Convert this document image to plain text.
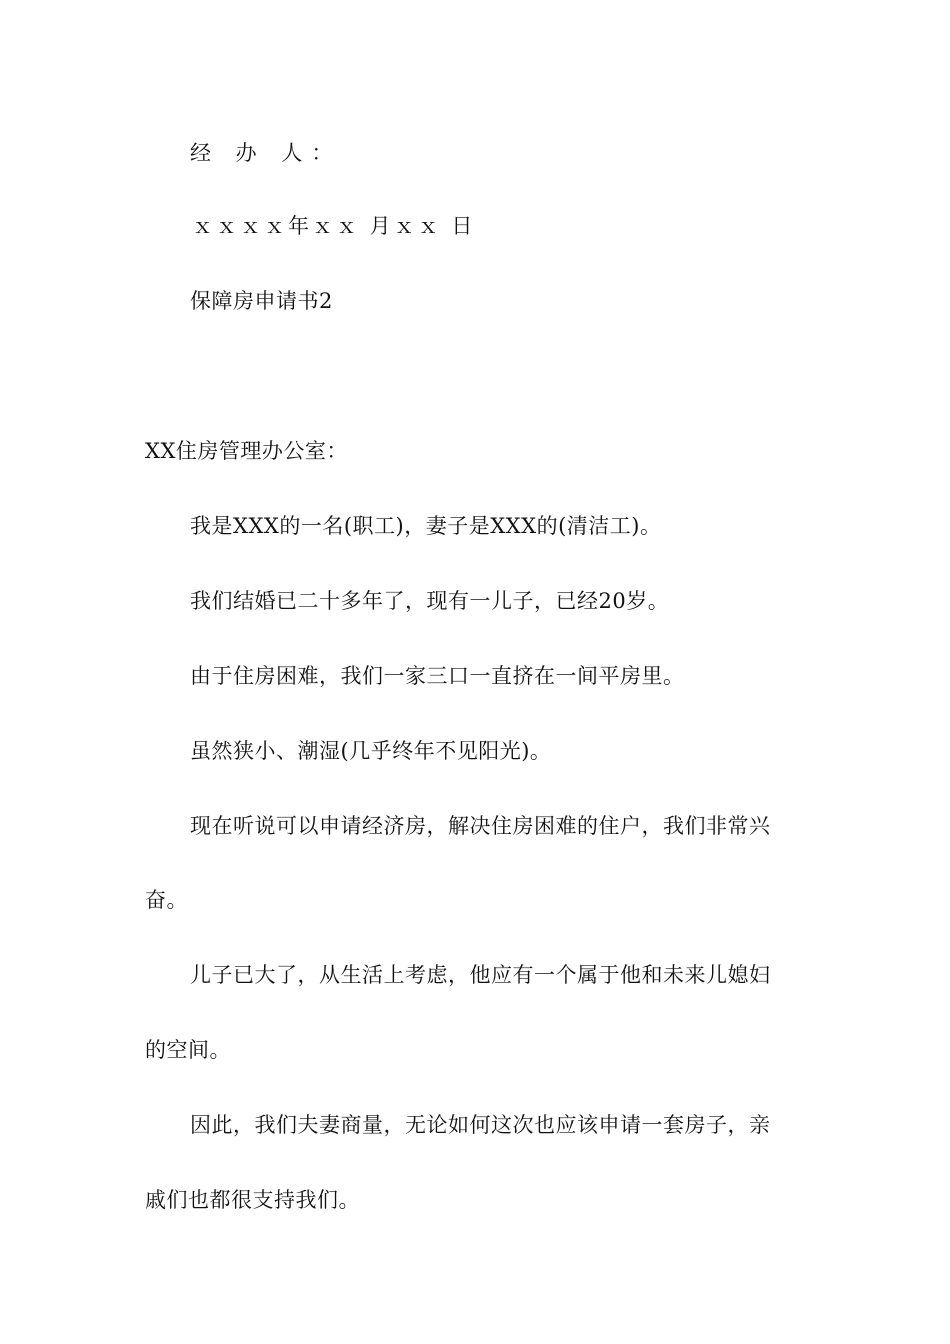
经 办 人：
ｘｘｘｘ年ｘｘ 月ｘｘ 日
保障房申请书2
XX住房管理办公室：
我是XXX的一名(职工)，妻子是XXX的(清洁工)。
我们结婚已二十多年了，现有一儿子，已经20岁。
由于住房困难，我们一家三口一直挤在一间平房里。
虽然狭小、潮湿(几乎终年不见阳光)。
现在听说可以申请经济房，解决住房困难的住户，我们非常兴
奋。
儿子已大了，从生活上考虑，他应有一个属于他和未来儿媳妇
的空间。
因此，我们夫妻商量，无论如何这次也应该申请一套房子，亲
戚们也都很支持我们。
